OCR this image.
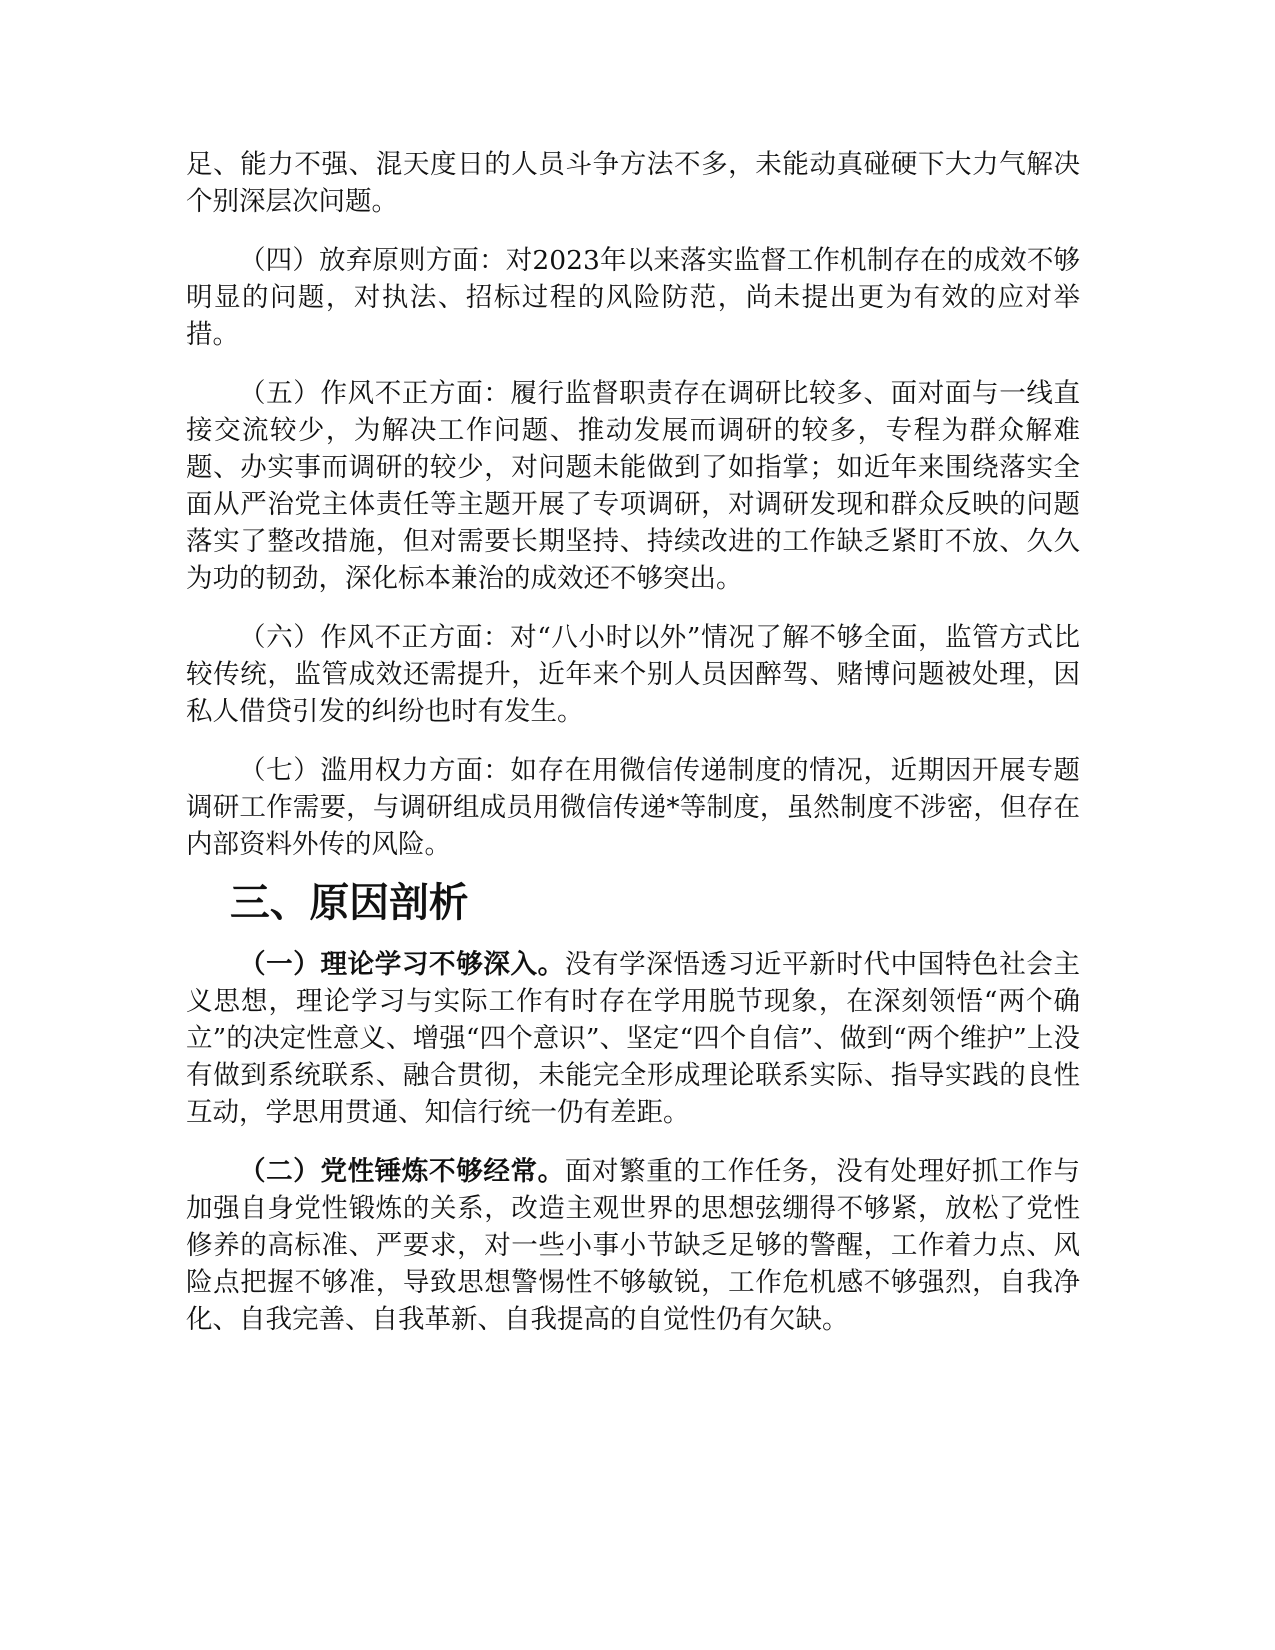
足、能力不强、混天度日的人员斗争方法不多，未能动真碰硬下大力气解决个别深层次问题。

（四）放弃原则方面：对2023年以来落实监督工作机制存在的成效不够明显的问题，对执法、招标过程的风险防范，尚未提出更为有效的应对举措。

（五）作风不正方面：履行监督职责存在调研比较多、面对面与一线直接交流较少，为解决工作问题、推动发展而调研的较多，专程为群众解难题、办实事而调研的较少，对问题未能做到了如指掌；如近年来围绕落实全面从严治党主体责任等主题开展了专项调研，对调研发现和群众反映的问题落实了整改措施，但对需要长期坚持、持续改进的工作缺乏紧盯不放、久久为功的韧劲，深化标本兼治的成效还不够突出。

（六）作风不正方面：对“八小时以外”情况了解不够全面，监管方式比较传统，监管成效还需提升，近年来个别人员因醉驾、赌博问题被处理，因私人借贷引发的纠纷也时有发生。

（七）滥用权力方面：如存在用微信传递制度的情况，近期因开展专题调研工作需要，与调研组成员用微信传递*等制度，虽然制度不涉密，但存在内部资料外传的风险。

三、原因剖析

（一）理论学习不够深入。没有学深悟透习近平新时代中国特色社会主义思想，理论学习与实际工作有时存在学用脱节现象，在深刻领悟“两个确立”的决定性意义、增强“四个意识”、坚定“四个自信”、做到“两个维护”上没有做到系统联系、融合贯彻，未能完全形成理论联系实际、指导实践的良性互动，学思用贯通、知信行统一仍有差距。

（二）党性锤炼不够经常。面对繁重的工作任务，没有处理好抓工作与加强自身党性锻炼的关系，改造主观世界的思想弦绷得不够紧，放松了党性修养的高标准、严要求，对一些小事小节缺乏足够的警醒，工作着力点、风险点把握不够准，导致思想警惕性不够敏锐，工作危机感不够强烈，自我净化、自我完善、自我革新、自我提高的自觉性仍有欠缺。
